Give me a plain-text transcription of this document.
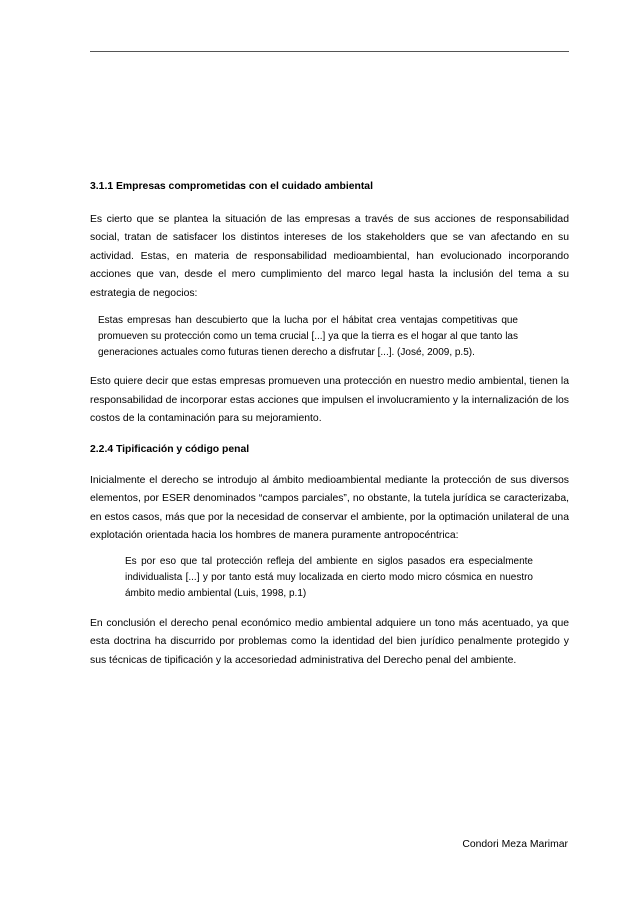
3.1.1 Empresas comprometidas con el cuidado ambiental

Es cierto que se plantea la situación de las empresas a través de sus acciones de responsabilidad social, tratan de satisfacer los distintos intereses de los stakeholders que se van afectando en su actividad. Estas, en materia de responsabilidad medioambiental, han evolucionado incorporando acciones que van, desde el mero cumplimiento del marco legal hasta la inclusión del tema a su estrategia de negocios:

Estas empresas han descubierto que la lucha por el hábitat crea ventajas competitivas que promueven su protección como un tema crucial [...] ya que la tierra es el hogar al que tanto las generaciones actuales como futuras tienen derecho a disfrutar [...]. (José, 2009, p.5).

Esto quiere decir que estas empresas promueven una protección en nuestro medio ambiental, tienen la responsabilidad de incorporar estas acciones que impulsen el involucramiento y la internalización de los costos de la contaminación para su mejoramiento.

2.2.4 Tipificación y código penal

Inicialmente el derecho se introdujo al ámbito medioambiental mediante la protección de sus diversos elementos, por ESER denominados “campos parciales”, no obstante, la tutela jurídica se caracterizaba, en estos casos, más que por la necesidad de conservar el ambiente, por la optimación unilateral de una explotación orientada hacia los hombres de manera puramente antropocéntrica:

Es por eso que tal protección refleja del ambiente en siglos pasados era especialmente individualista [...] y por tanto está muy localizada en cierto modo micro cósmica en nuestro ámbito medio ambiental (Luis, 1998, p.1)

En conclusión el derecho penal económico medio ambiental adquiere un tono más acentuado, ya que esta doctrina ha discurrido por problemas como la identidad del bien jurídico penalmente protegido y sus técnicas de tipificación y la accesoriedad administrativa del Derecho penal del ambiente.

Condori Meza Marimar
